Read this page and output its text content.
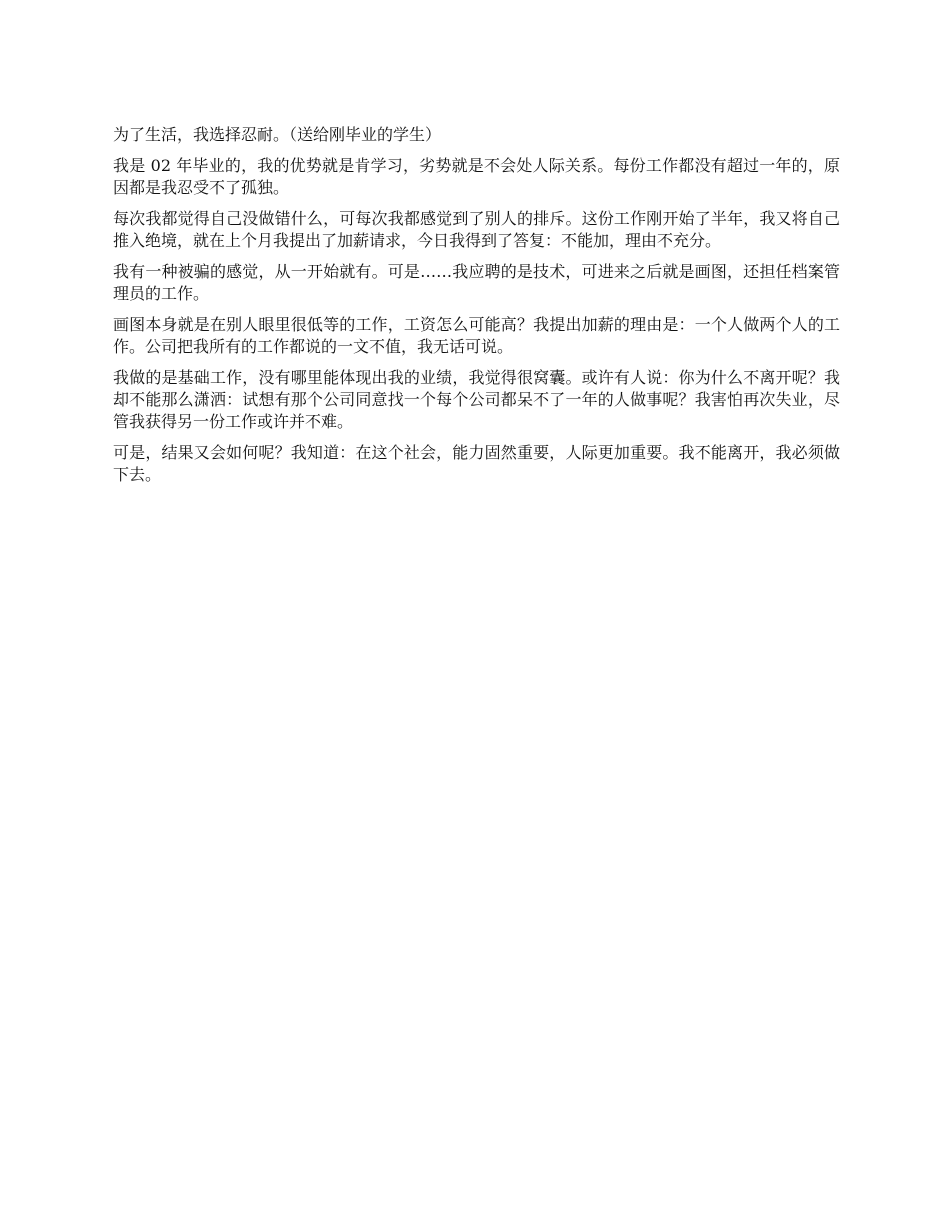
为了生活，我选择忍耐。（送给刚毕业的学生）

我是 02 年毕业的，我的优势就是肯学习，劣势就是不会处人际关系。每份工作都没有超过一年的，原因都是我忍受不了孤独。

每次我都觉得自己没做错什么，可每次我都感觉到了别人的排斥。这份工作刚开始了半年，我又将自己推入绝境，就在上个月我提出了加薪请求，今日我得到了答复：不能加，理由不充分。

我有一种被骗的感觉，从一开始就有。可是……我应聘的是技术，可进来之后就是画图，还担任档案管理员的工作。

画图本身就是在别人眼里很低等的工作，工资怎么可能高？我提出加薪的理由是：一个人做两个人的工作。公司把我所有的工作都说的一文不值，我无话可说。

我做的是基础工作，没有哪里能体现出我的业绩，我觉得很窝囊。或许有人说：你为什么不离开呢？我却不能那么潇洒：试想有那个公司同意找一个每个公司都呆不了一年的人做事呢？我害怕再次失业，尽管我获得另一份工作或许并不难。

可是，结果又会如何呢？我知道：在这个社会，能力固然重要，人际更加重要。我不能离开，我必须做下去。
